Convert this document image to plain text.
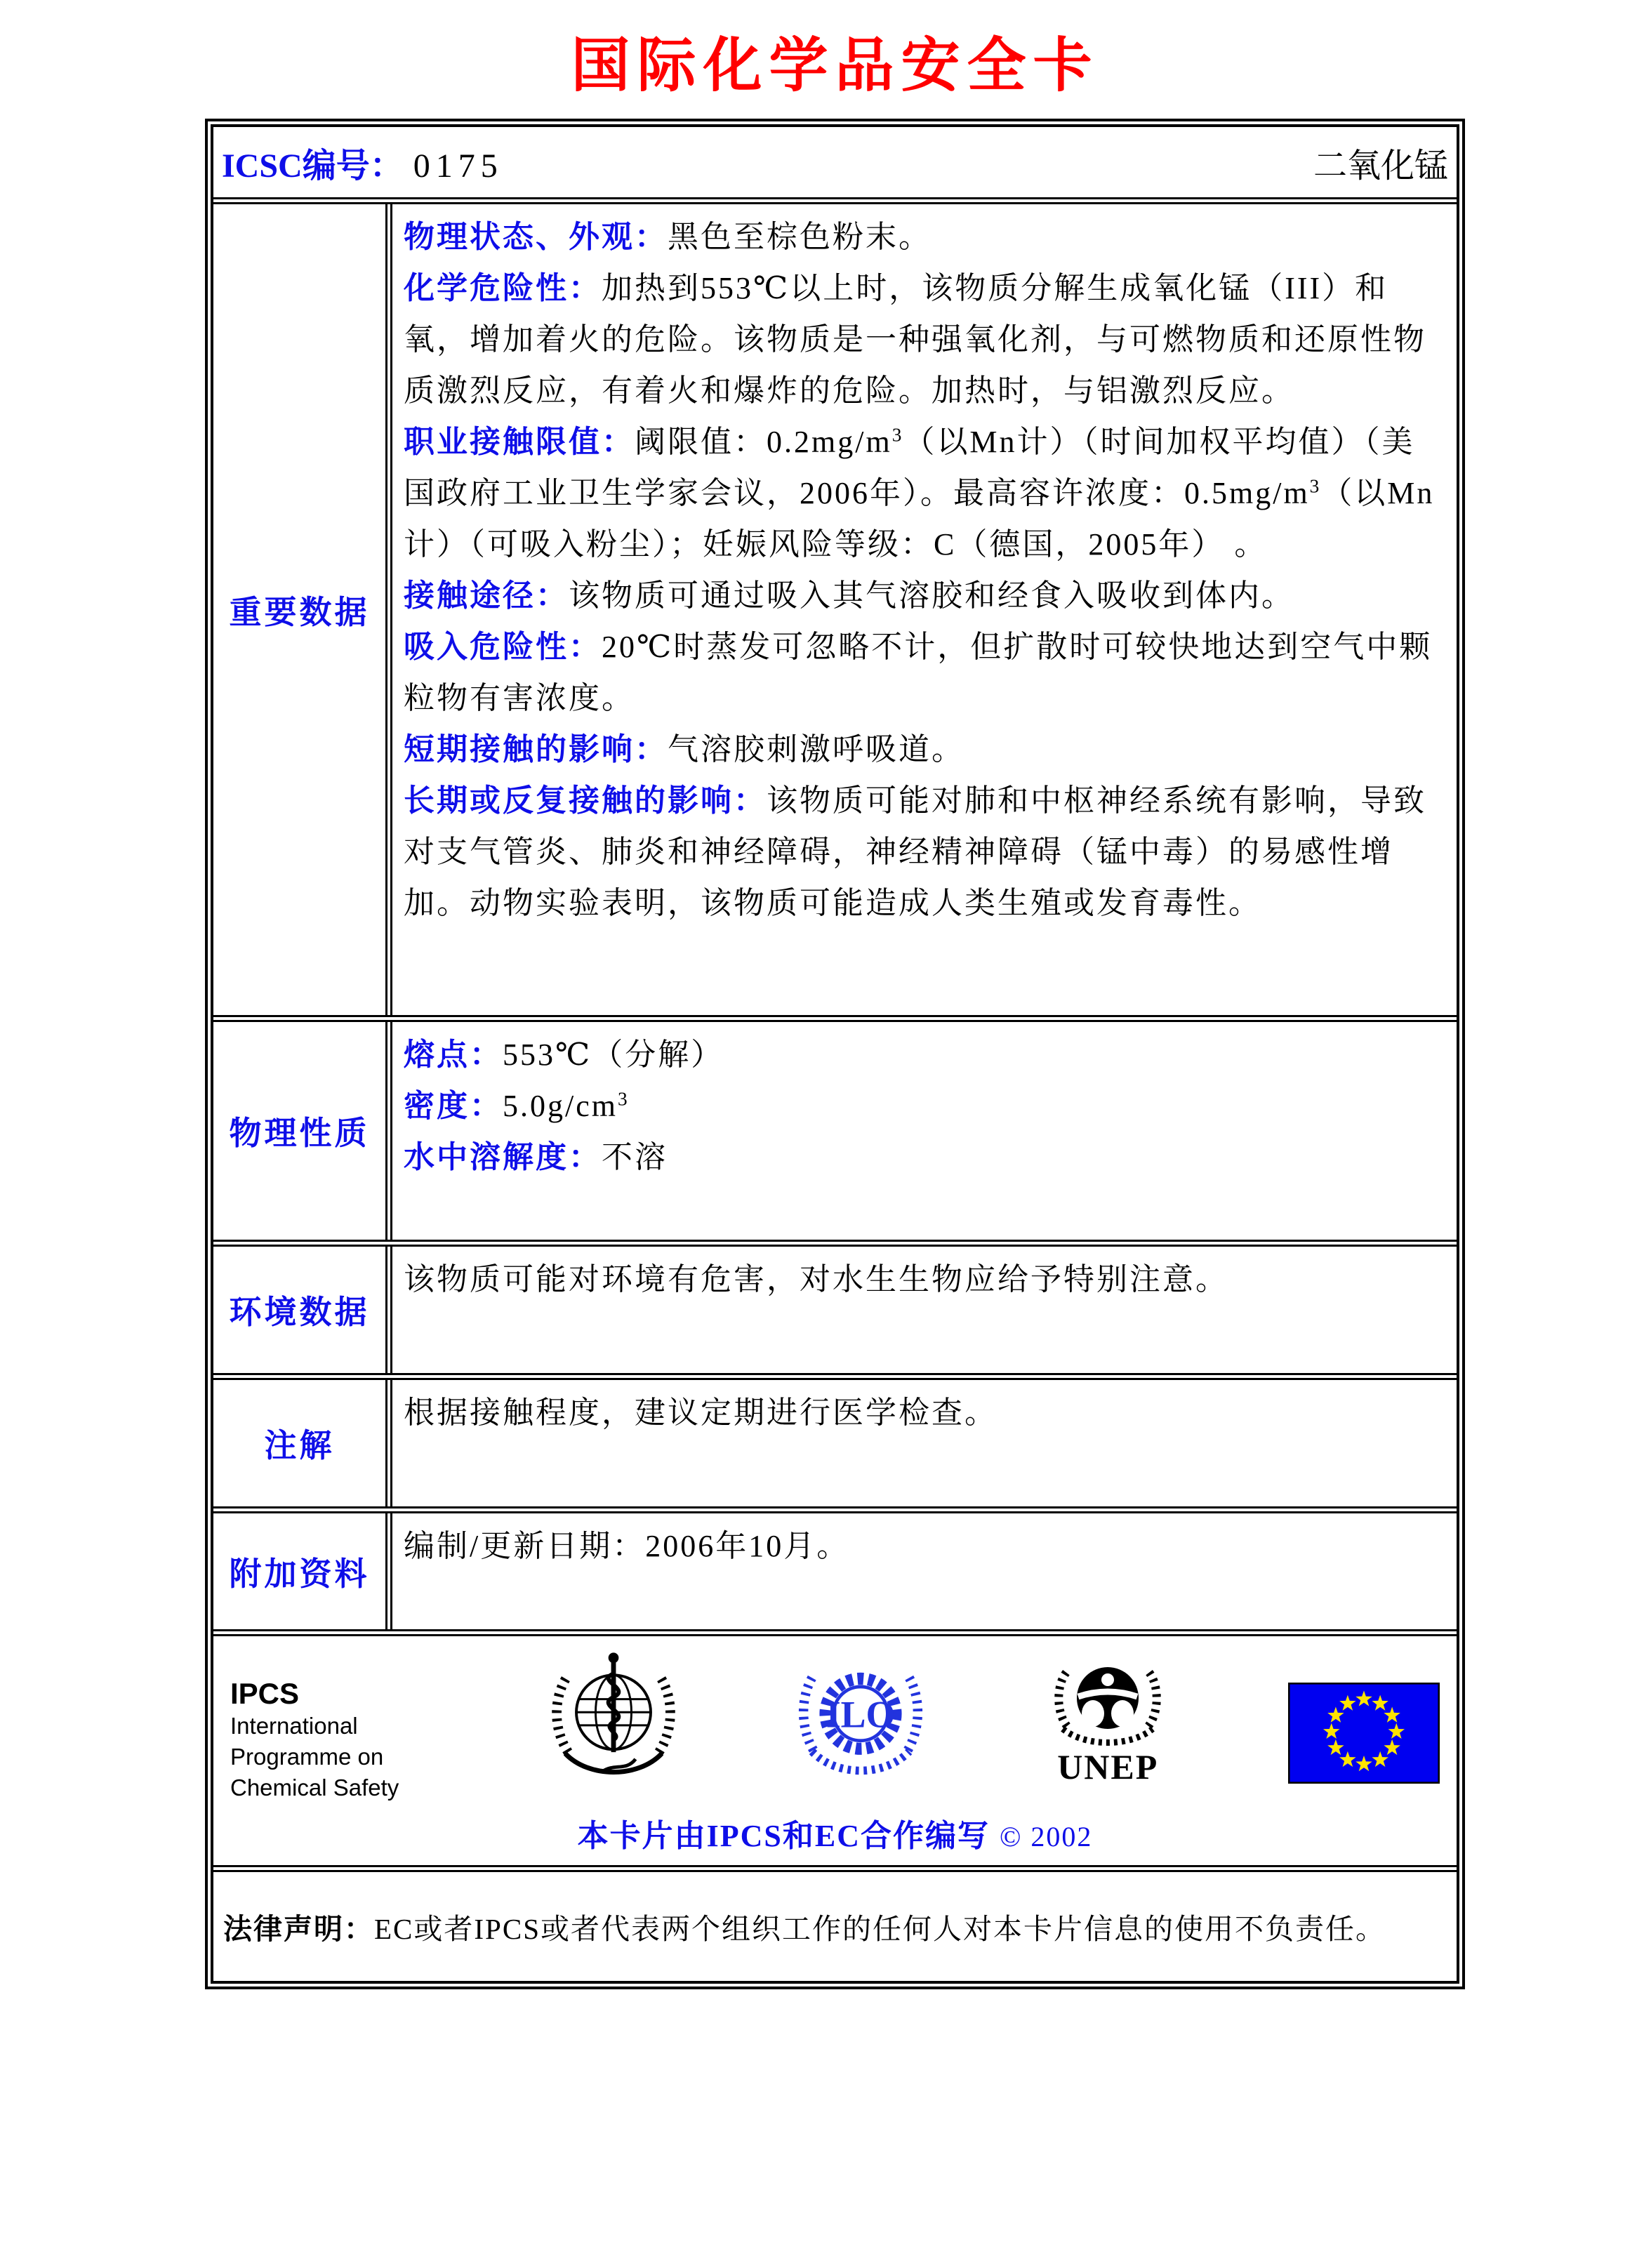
国际化学品安全卡
ICSC编号： 0175	二氧化锰
重要数据

物理状态、外观：黑色至棕色粉末。

化学危险性：加热到553℃以上时，该物质分解生成氧化锰（III）和氧，增加着火的危险。该物质是一种强氧化剂，与可燃物质和还原性物质激烈反应，有着火和爆炸的危险。加热时，与铝激烈反应。

职业接触限值：阈限值：$0.2mg/m^3$（以Mn计）（时间加权平均值）（美国政府工业卫生学家会议，2006年）。最高容许浓度：$0.5mg/m^3$（以Mn计）（可吸入粉尘）；妊娠风险等级：C（德国，2005年） 。

接触途径：该物质可通过吸入其气溶胶和经食入吸收到体内。

吸入危险性：20℃时蒸发可忽略不计，但扩散时可较快地达到空气中颗粒物有害浓度。

短期接触的影响：气溶胶刺激呼吸道。

长期或反复接触的影响：该物质可能对肺和中枢神经系统有影响，导致对支气管炎、肺炎和神经障碍，神经精神障碍（锰中毒）的易感性增加。动物实验表明，该物质可能造成人类生殖或发育毒性。

物理性质

熔点：553℃（分解）

密度：$5.0g/cm^3$

水中溶解度：不溶

环境数据

该物质可能对环境有危害，对水生生物应给予特别注意。

注解

根据接触程度，建议定期进行医学检查。

附加资料

编制/更新日期：2006年10月。

IPCS
International
Programme on
Chemical Safety
ILO
UNEP
本卡片由IPCS和EC合作编写 © 2002
法律声明：EC或者IPCS或者代表两个组织工作的任何人对本卡片信息的使用不负责任。
